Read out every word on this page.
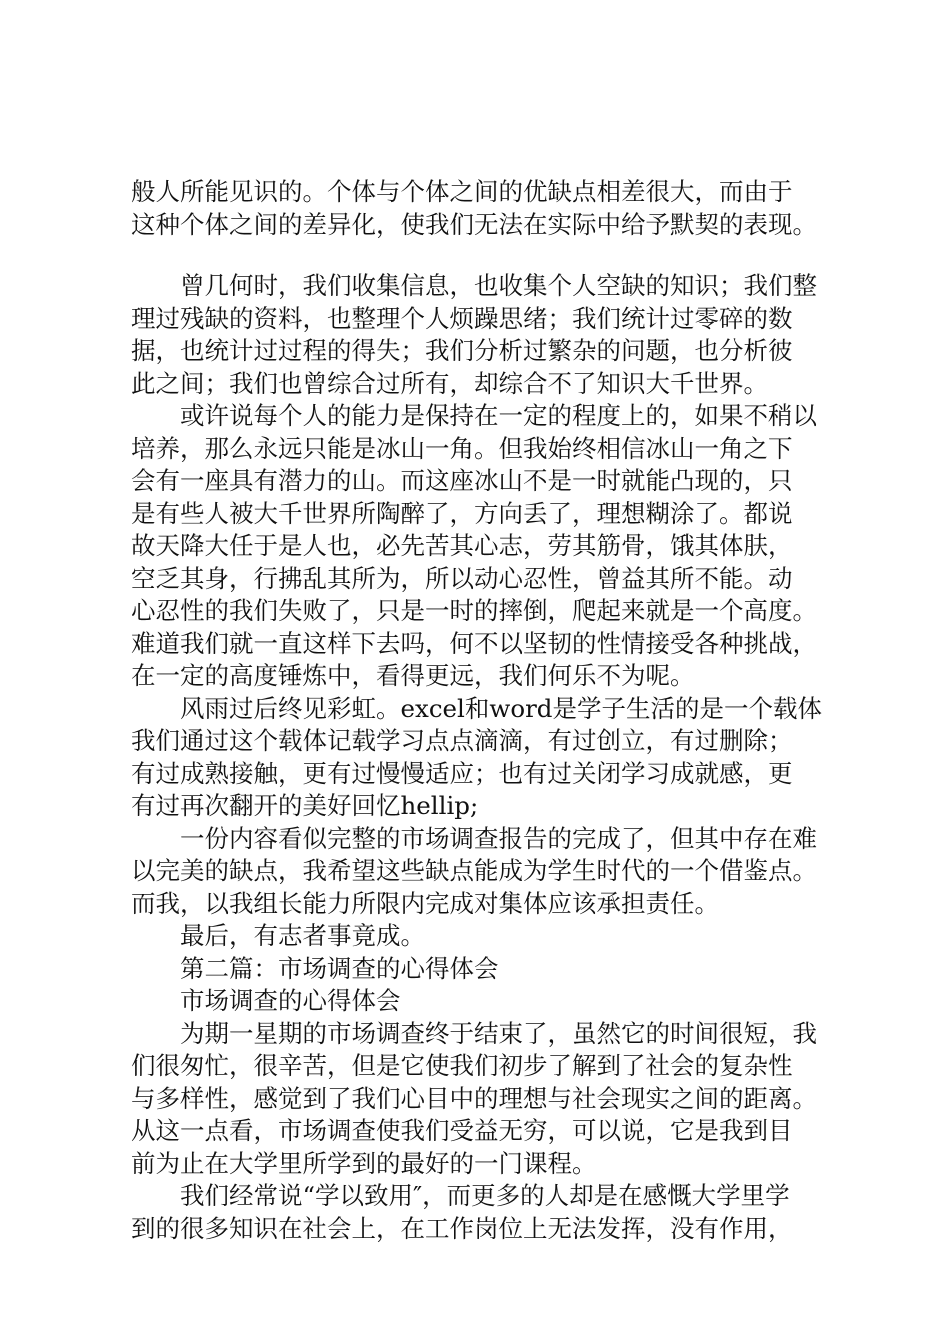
般人所能见识的。个体与个体之间的优缺点相差很大，而由于
这种个体之间的差异化，使我们无法在实际中给予默契的表现。
曾几何时，我们收集信息，也收集个人空缺的知识；我们整
理过残缺的资料，也整理个人烦躁思绪；我们统计过零碎的数
据，也统计过过程的得失；我们分析过繁杂的问题，也分析彼
此之间；我们也曾综合过所有，却综合不了知识大千世界。
或许说每个人的能力是保持在一定的程度上的，如果不稍以
培养，那么永远只能是冰山一角。但我始终相信冰山一角之下
会有一座具有潜力的山。而这座冰山不是一时就能凸现的，只
是有些人被大千世界所陶醉了，方向丢了，理想糊涂了。都说
故天降大任于是人也，必先苦其心志，劳其筋骨，饿其体肤，
空乏其身，行拂乱其所为，所以动心忍性，曾益其所不能。动
心忍性的我们失败了，只是一时的摔倒，爬起来就是一个高度。
难道我们就一直这样下去吗，何不以坚韧的性情接受各种挑战，
在一定的高度锤炼中，看得更远，我们何乐不为呢。
风雨过后终见彩虹。excel和word是学子生活的是一个载体
我们通过这个载体记载学习点点滴滴，有过创立，有过删除；
有过成熟接触，更有过慢慢适应；也有过关闭学习成就感，更
有过再次翻开的美好回忆hellip;
一份内容看似完整的市场调查报告的完成了，但其中存在难
以完美的缺点，我希望这些缺点能成为学生时代的一个借鉴点。
而我，以我组长能力所限内完成对集体应该承担责任。
最后，有志者事竟成。
第二篇：市场调查的心得体会
市场调查的心得体会
为期一星期的市场调查终于结束了，虽然它的时间很短，我
们很匆忙，很辛苦，但是它使我们初步了解到了社会的复杂性
与多样性，感觉到了我们心目中的理想与社会现实之间的距离。
从这一点看，市场调查使我们受益无穷，可以说，它是我到目
前为止在大学里所学到的最好的一门课程。
我们经常说“学以致用″，而更多的人却是在感慨大学里学
到的很多知识在社会上，在工作岗位上无法发挥，没有作用，
